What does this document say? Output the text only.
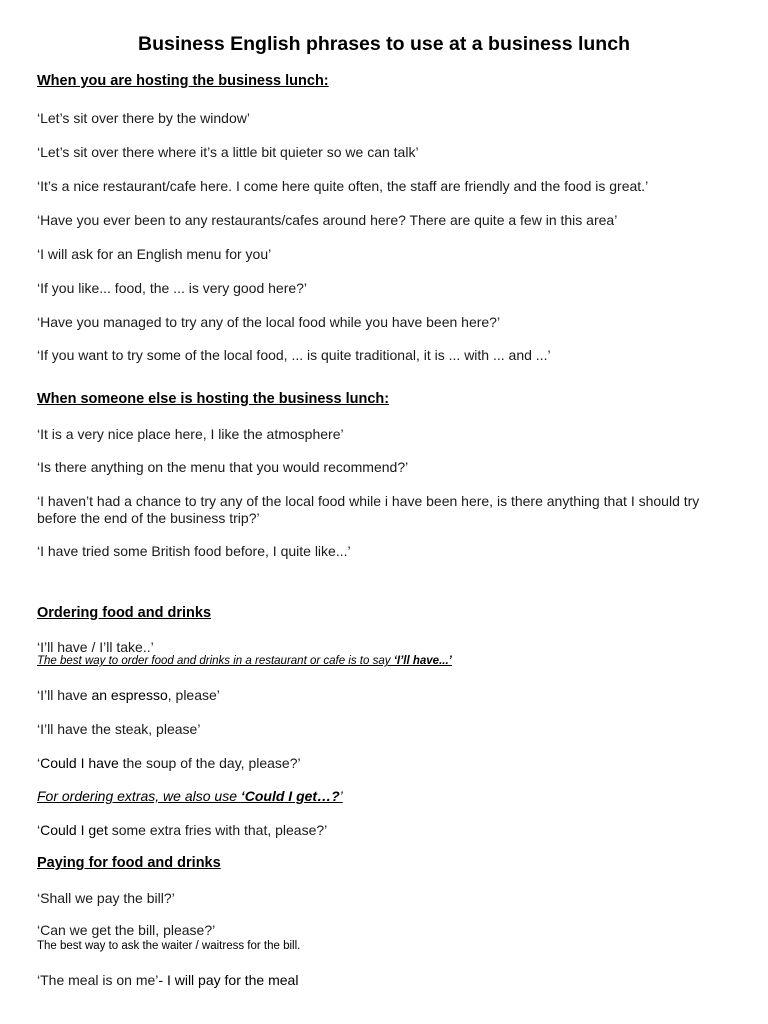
Business English phrases to use at a business lunch
When you are hosting the business lunch:
‘Let’s sit over there by the window’
‘Let’s sit over there where it’s a little bit quieter so we can talk’
‘It’s a nice restaurant/cafe here. I come here quite often, the staff are friendly and the food is great.’
‘Have you ever been to any restaurants/cafes around here? There are quite a few in this area’
‘I will ask for an English menu for you’
‘If you like... food, the ... is very good here?’
‘Have you managed to try any of the local food while you have been here?’
‘If you want to try some of the local food, ... is quite traditional, it is ... with ... and ...’
When someone else is hosting the business lunch:
‘It is a very nice place here, I like the atmosphere’
‘Is there anything on the menu that you would recommend?’
‘I haven’t had a chance to try any of the local food while i have been here, is there anything that I should try before the end of the business trip?’
‘I have tried some British food before, I quite like...’
Ordering food and drinks
‘I’ll have / I’ll take..’
The best way to order food and drinks in a restaurant or cafe is to say ‘I’ll have...’
‘I’ll have an espresso, please’
‘I’ll have the steak, please’
‘Could I have the soup of the day, please?’
For ordering extras, we also use ‘Could I get…?’
‘Could I get some extra fries with that, please?’
Paying for food and drinks
‘Shall we pay the bill?’
‘Can we get the bill, please?’
The best way to ask the waiter / waitress for the bill.
‘The meal is on me’- I will pay for the meal
